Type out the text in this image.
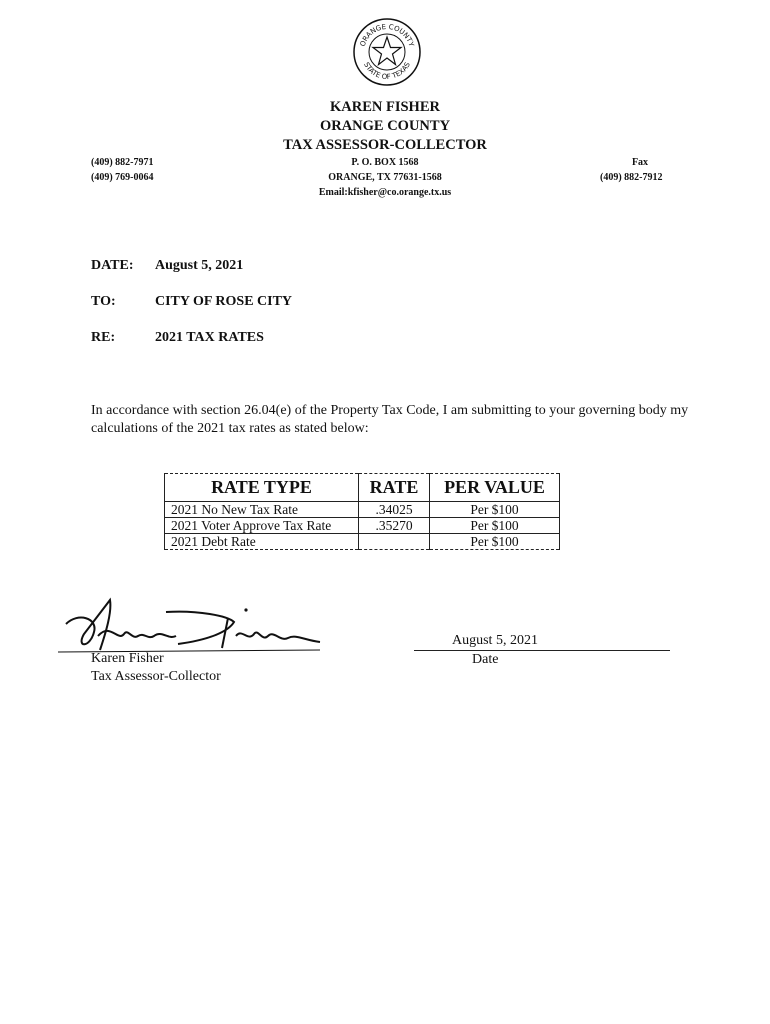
ORANGE COUNTY
STATE OF TEXAS
KAREN FISHER
ORANGE COUNTY
TAX ASSESSOR-COLLECTOR
P. O. BOX 1568
ORANGE, TX 77631-1568
Email:kfisher@co.orange.tx.us
(409) 882-7971
(409) 769-0064
Fax
(409) 882-7912
DATE: August 5, 2021
TO:	CITY OF ROSE CITY
RE:	2021 TAX RATES
In accordance with section 26.04(e) of the Property Tax Code, I am submitting to your governing body my calculations of the 2021 tax rates as stated below:
RATE TYPE	RATE	PER VALUE
2021 No New Tax Rate	.34025	Per $100
2021 Voter Approve Tax Rate	.35270	Per $100
2021 Debt Rate		Per $100
Karen Fisher
Tax Assessor-Collector
August 5, 2021
Date
